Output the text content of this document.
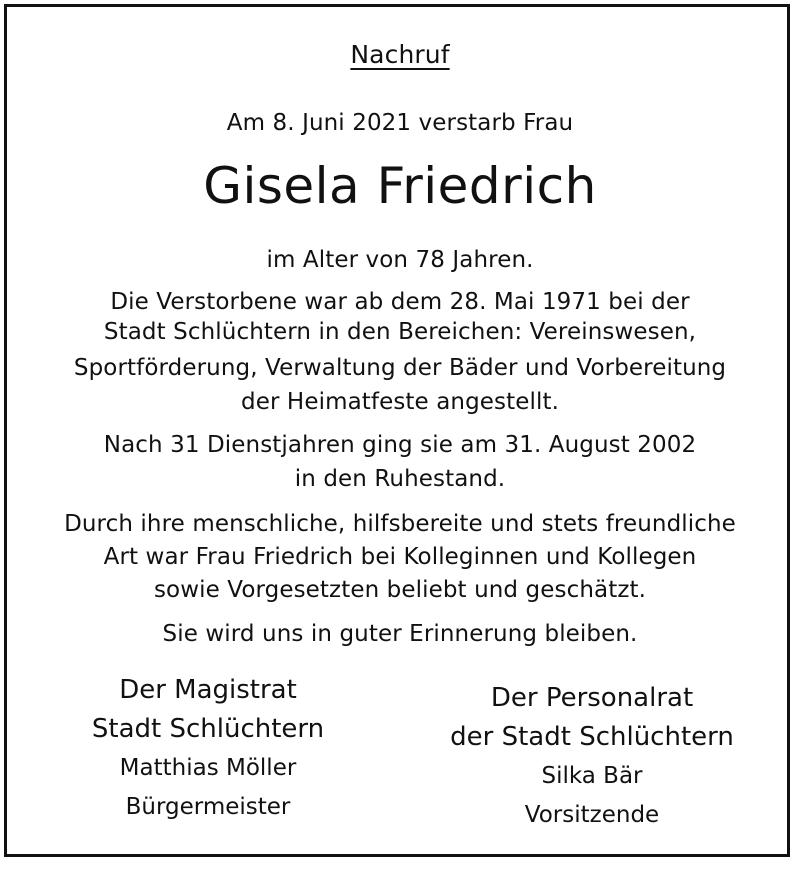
Nachruf
Am 8. Juni 2021 verstarb Frau
Gisela Friedrich
im Alter von 78 Jahren.
Die Verstorbene war ab dem 28. Mai 1971 bei der
Stadt Schlüchtern in den Bereichen: Vereinswesen,
Sportförderung, Verwaltung der Bäder und Vorbereitung
der Heimatfeste angestellt.
Nach 31 Dienstjahren ging sie am 31. August 2002
in den Ruhestand.
Durch ihre menschliche, hilfsbereite und stets freundliche
Art war Frau Friedrich bei Kolleginnen und Kollegen
sowie Vorgesetzten beliebt und geschätzt.
Sie wird uns in guter Erinnerung bleiben.
Der Magistrat
Stadt Schlüchtern
Matthias Möller
Bürgermeister
Der Personalrat
der Stadt Schlüchtern
Silka Bär
Vorsitzende
